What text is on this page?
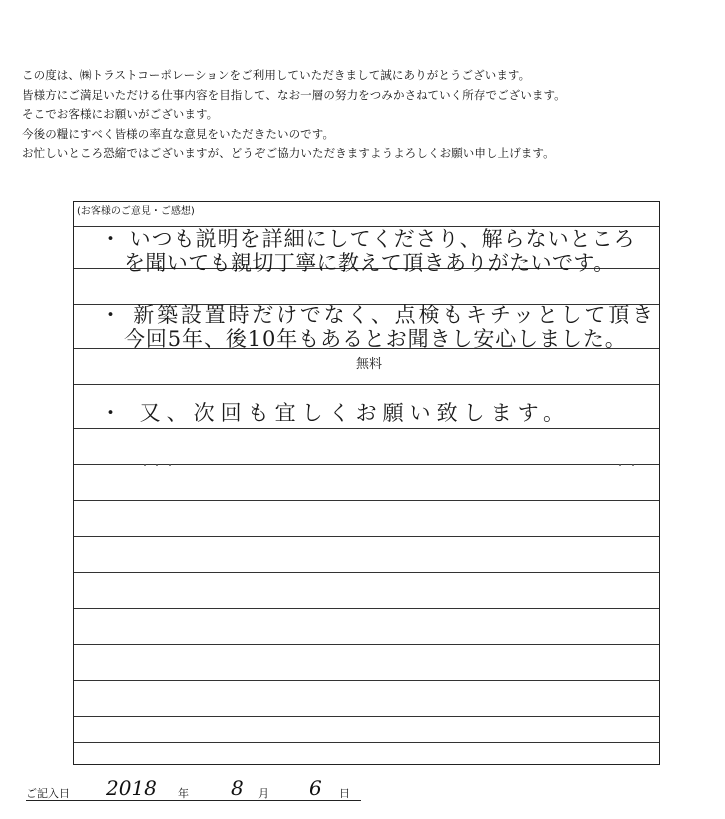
この度は、㈱トラストコーポレーションをご利用していただきまして誠にありがとうございます。
皆様方にご満足いただける仕事内容を目指して、なお一層の努力をつみかさねていく所存でございます。
そこでお客様にお願いがございます。
今後の糧にすべく皆様の率直な意見をいただきたいのです。
お忙しいところ恐縮ではございますが、どうぞご協力いただきますようよろしくお願い申し上げます。
(お客様のご意見・ご感想)
・ いつも説明を詳細にしてくださり、解らないところ
を聞いても親切丁寧に教えて頂きありがたいです。
・ 新築設置時だけでなく、点検もキチッとして頂き
今回5年、後10年もあるとお聞きし安心しました。
無料
・ 又、次回も宜しくお願い致します。
ご記入日 2018 年 8 月 6 日
